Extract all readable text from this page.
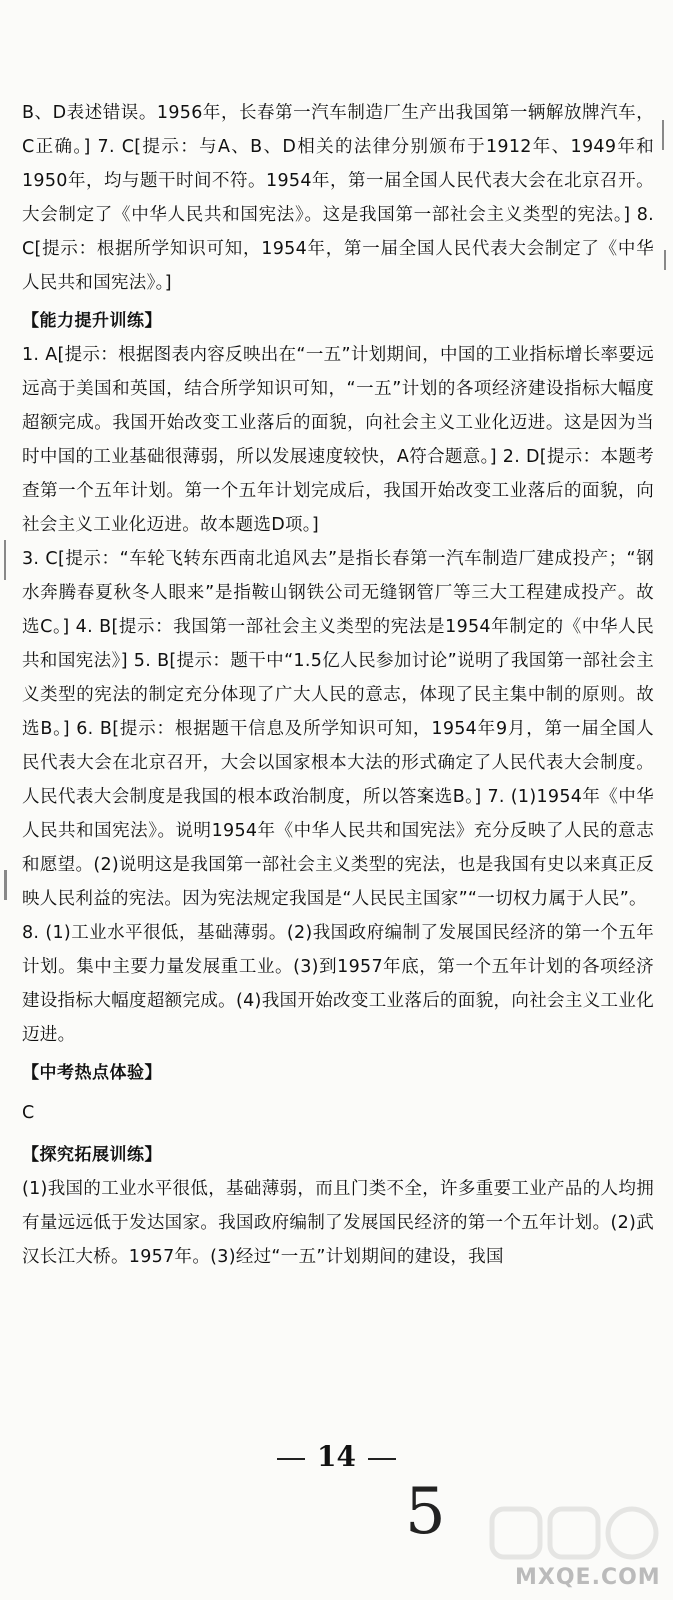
B、D表述错误。1956年，长春第一汽车制造厂生产出我国第一辆解放牌汽车，C正确。] 7. C[提示：与A、B、D相关的法律分别颁布于1912年、1949年和1950年，均与题干时间不符。1954年，第一届全国人民代表大会在北京召开。大会制定了《中华人民共和国宪法》。这是我国第一部社会主义类型的宪法。] 8. C[提示：根据所学知识可知，1954年，第一届全国人民代表大会制定了《中华人民共和国宪法》。]

【能力提升训练】

1. A[提示：根据图表内容反映出在“一五”计划期间，中国的工业指标增长率要远远高于美国和英国，结合所学知识可知，“一五”计划的各项经济建设指标大幅度超额完成。我国开始改变工业落后的面貌，向社会主义工业化迈进。这是因为当时中国的工业基础很薄弱，所以发展速度较快，A符合题意。] 2. D[提示：本题考查第一个五年计划。第一个五年计划完成后，我国开始改变工业落后的面貌，向社会主义工业化迈进。故本题选D项。]

3. C[提示：“车轮飞转东西南北追风去”是指长春第一汽车制造厂建成投产；“钢水奔腾春夏秋冬人眼来”是指鞍山钢铁公司无缝钢管厂等三大工程建成投产。故选C。] 4. B[提示：我国第一部社会主义类型的宪法是1954年制定的《中华人民共和国宪法》] 5. B[提示：题干中“1.5亿人民参加讨论”说明了我国第一部社会主义类型的宪法的制定充分体现了广大人民的意志，体现了民主集中制的原则。故选B。] 6. B[提示：根据题干信息及所学知识可知，1954年9月，第一届全国人民代表大会在北京召开，大会以国家根本大法的形式确定了人民代表大会制度。人民代表大会制度是我国的根本政治制度，所以答案选B。] 7. (1)1954年《中华人民共和国宪法》。说明1954年《中华人民共和国宪法》充分反映了人民的意志和愿望。(2)说明这是我国第一部社会主义类型的宪法，也是我国有史以来真正反映人民利益的宪法。因为宪法规定我国是“人民民主国家”“一切权力属于人民”。

8. (1)工业水平很低，基础薄弱。(2)我国政府编制了发展国民经济的第一个五年计划。集中主要力量发展重工业。(3)到1957年底，第一个五年计划的各项经济建设指标大幅度超额完成。(4)我国开始改变工业落后的面貌，向社会主义工业化迈进。

【中考热点体验】
C
【探究拓展训练】

(1)我国的工业水平很低，基础薄弱，而且门类不全，许多重要工业产品的人均拥有量远远低于发达国家。我国政府编制了发展国民经济的第一个五年计划。(2)武汉长江大桥。1957年。(3)经过“一五”计划期间的建设，我国

14
5
MXQE.COM
